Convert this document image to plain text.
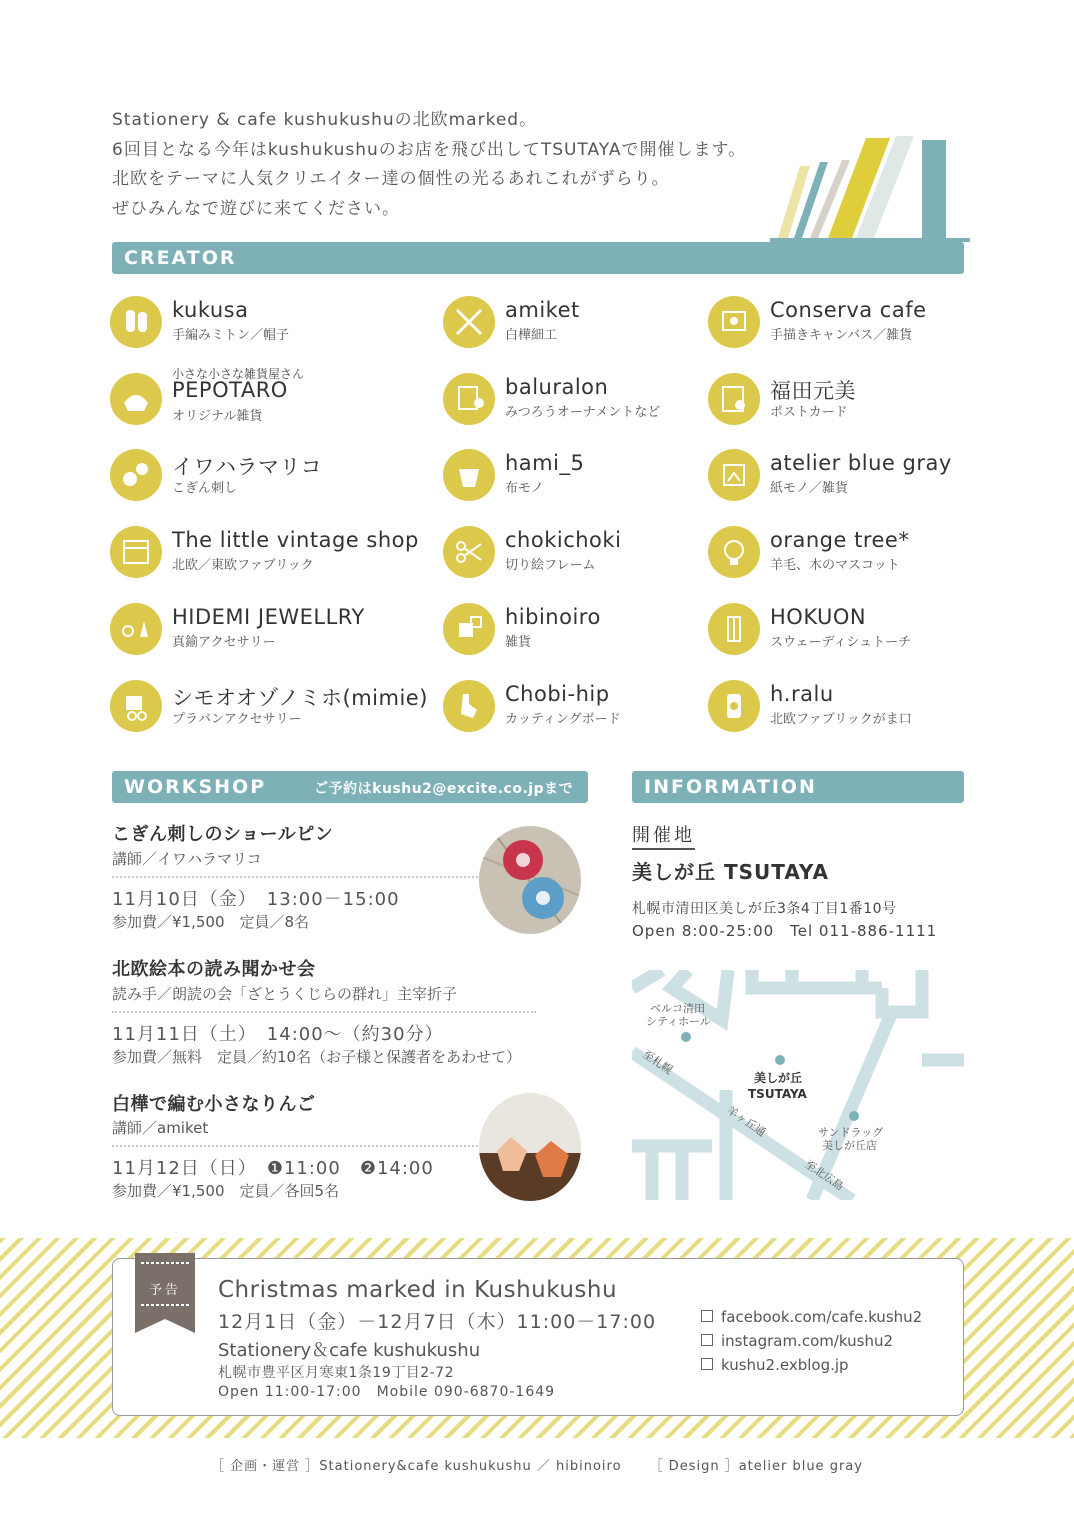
Stationery & cafe kushukushuの北欧marked。

6回目となる今年はkushukushuのお店を飛び出してTSUTAYAで開催します。

北欧をテーマに人気クリエイター達の個性の光るあれこれがずらり。

ぜひみんなで遊びに来てください。

CREATOR
kukusa
手編みミトン／帽子
amiket
白樺細工
Conserva cafe
手描きキャンバス／雑貨
小さな小さな雑貨屋さん
PEPOTARO
オリジナル雑貨
baluralon
みつろうオーナメントなど
福田元美
ポストカード
イワハラマリコ
こぎん刺し
hami_5
布モノ
atelier blue gray
紙モノ／雑貨
The little vintage shop
北欧／東欧ファブリック
chokichoki
切り絵フレーム
orange tree*
羊毛、木のマスコット
HIDEMI JEWELLRY
真鍮アクセサリー
hibinoiro
雑貨
HOKUON
スウェーディシュトーチ
シモオオゾノミホ(mimie)
プラバンアクセサリー
Chobi-hip
カッティングボード
h.ralu
北欧ファブリックがま口
WORKSHOP	ご予約はkushu2@excite.co.jpまで
こぎん刺しのショールピン
講師／イワハラマリコ
11月10日（金）　13:00－15:00
参加費／¥1,500　定員／8名
北欧絵本の読み聞かせ会
読み手／朗読の会「ざとうくじらの群れ」主宰折子
11月11日（土）　14:00～（約30分）
参加費／無料　定員／約10名（お子様と保護者をあわせて）
白樺で編む小さなりんご
講師／amiket
11月12日（日）　❶11:00　❷14:00
参加費／¥1,500　定員／各回5名
INFORMATION
開催地
美しが丘 TSUTAYA
札幌市清田区美しが丘3条4丁目1番10号
Open 8:00-25:00　Tel 011-886-1111
ベルコ清田
シティホール
至札幌
美しが丘
TSUTAYA
羊ヶ丘通	サンドラッグ
美しが丘店
至北広島
予告	Christmas marked in Kushukushu
12月1日（金）－12月7日（木）11:00－17:00
Stationery＆cafe kushukushu
札幌市豊平区月寒東1条19丁目2-72
Open 11:00-17:00　Mobile 090-6870-1649
facebook.com/cafe.kushu2
instagram.com/kushu2
kushu2.exblog.jp
［ 企画・運営 ］Stationery&cafe kushukushu ／ hibinoiro ［ Design ］atelier blue gray
